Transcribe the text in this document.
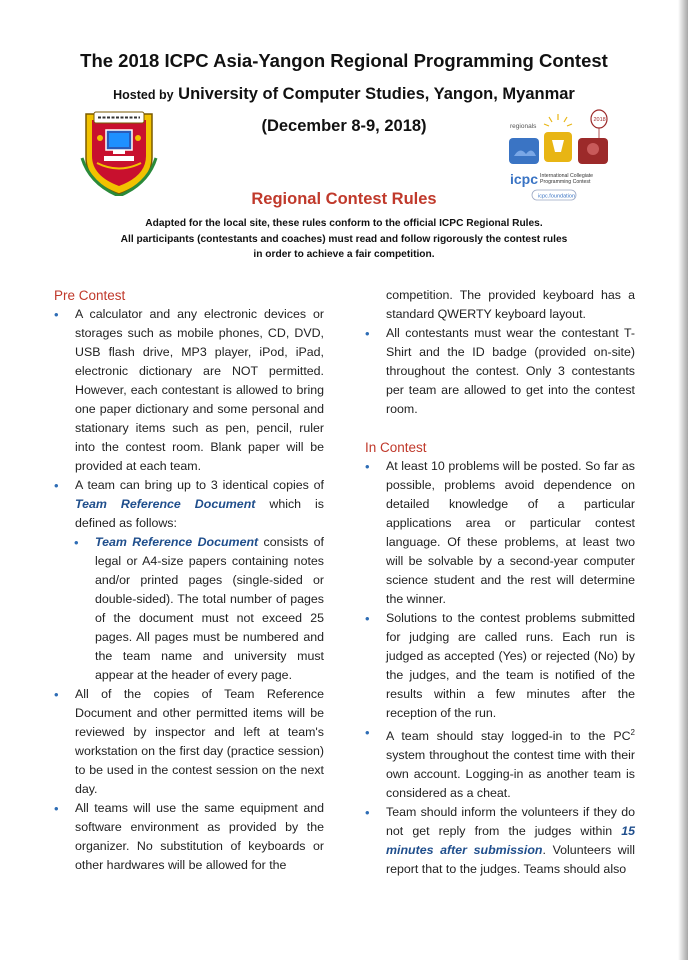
The 2018 ICPC Asia-Yangon Regional Programming Contest
Hosted by University of Computer Studies, Yangon, Myanmar
(December 8-9, 2018)	regionals
2018
icpc International Collegiate
Programming Contest
icpc.foundation
Regional Contest Rules
Adapted for the local site, these rules conform to the official ICPC Regional Rules.
All participants (contestants and coaches) must read and follow rigorously the contest rules
in order to achieve a fair competition.
Pre Contest
•	A calculator and any electronic devices or storages such as mobile phones, CD, DVD, USB flash drive, MP3 player, iPod, iPad, electronic dictionary are NOT permitted. However, each contestant is allowed to bring one paper dictionary and some personal and stationary items such as pen, pencil, ruler into the contest room. Blank paper will be provided at each team.
•	A team can bring up to 3 identical copies of Team Reference Document which is defined as follows:
•	Team Reference Document consists of legal or A4-size papers containing notes and/or printed pages (single-sided or double-sided). The total number of pages of the document must not exceed 25 pages. All pages must be numbered and the team name and university must appear at the header of every page.
•	All of the copies of Team Reference Document and other permitted items will be reviewed by inspector and left at team's workstation on the first day (practice session) to be used in the contest session on the next day.
•	All teams will use the same equipment and software environment as provided by the organizer. No substitution of keyboards or other hardwares will be allowed for the
competition. The provided keyboard has a standard QWERTY keyboard layout.
•	All contestants must wear the contestant T-Shirt and the ID badge (provided on-site) throughout the contest. Only 3 contestants per team are allowed to get into the contest room.
In Contest
•	At least 10 problems will be posted. So far as possible, problems avoid dependence on detailed knowledge of a particular applications area or particular contest language. Of these problems, at least two will be solvable by a second-year computer science student and the rest will determine the winner.
•	Solutions to the contest problems submitted for judging are called runs. Each run is judged as accepted (Yes) or rejected (No) by the judges, and the team is notified of the results within a few minutes after the reception of the run.
•	A team should stay logged-in to the $PC^2$ system throughout the contest time with their own account. Logging-in as another team is considered as a cheat.
•	Team should inform the volunteers if they do not get reply from the judges within 15 minutes after submission. Volunteers will report that to the judges. Teams should also
